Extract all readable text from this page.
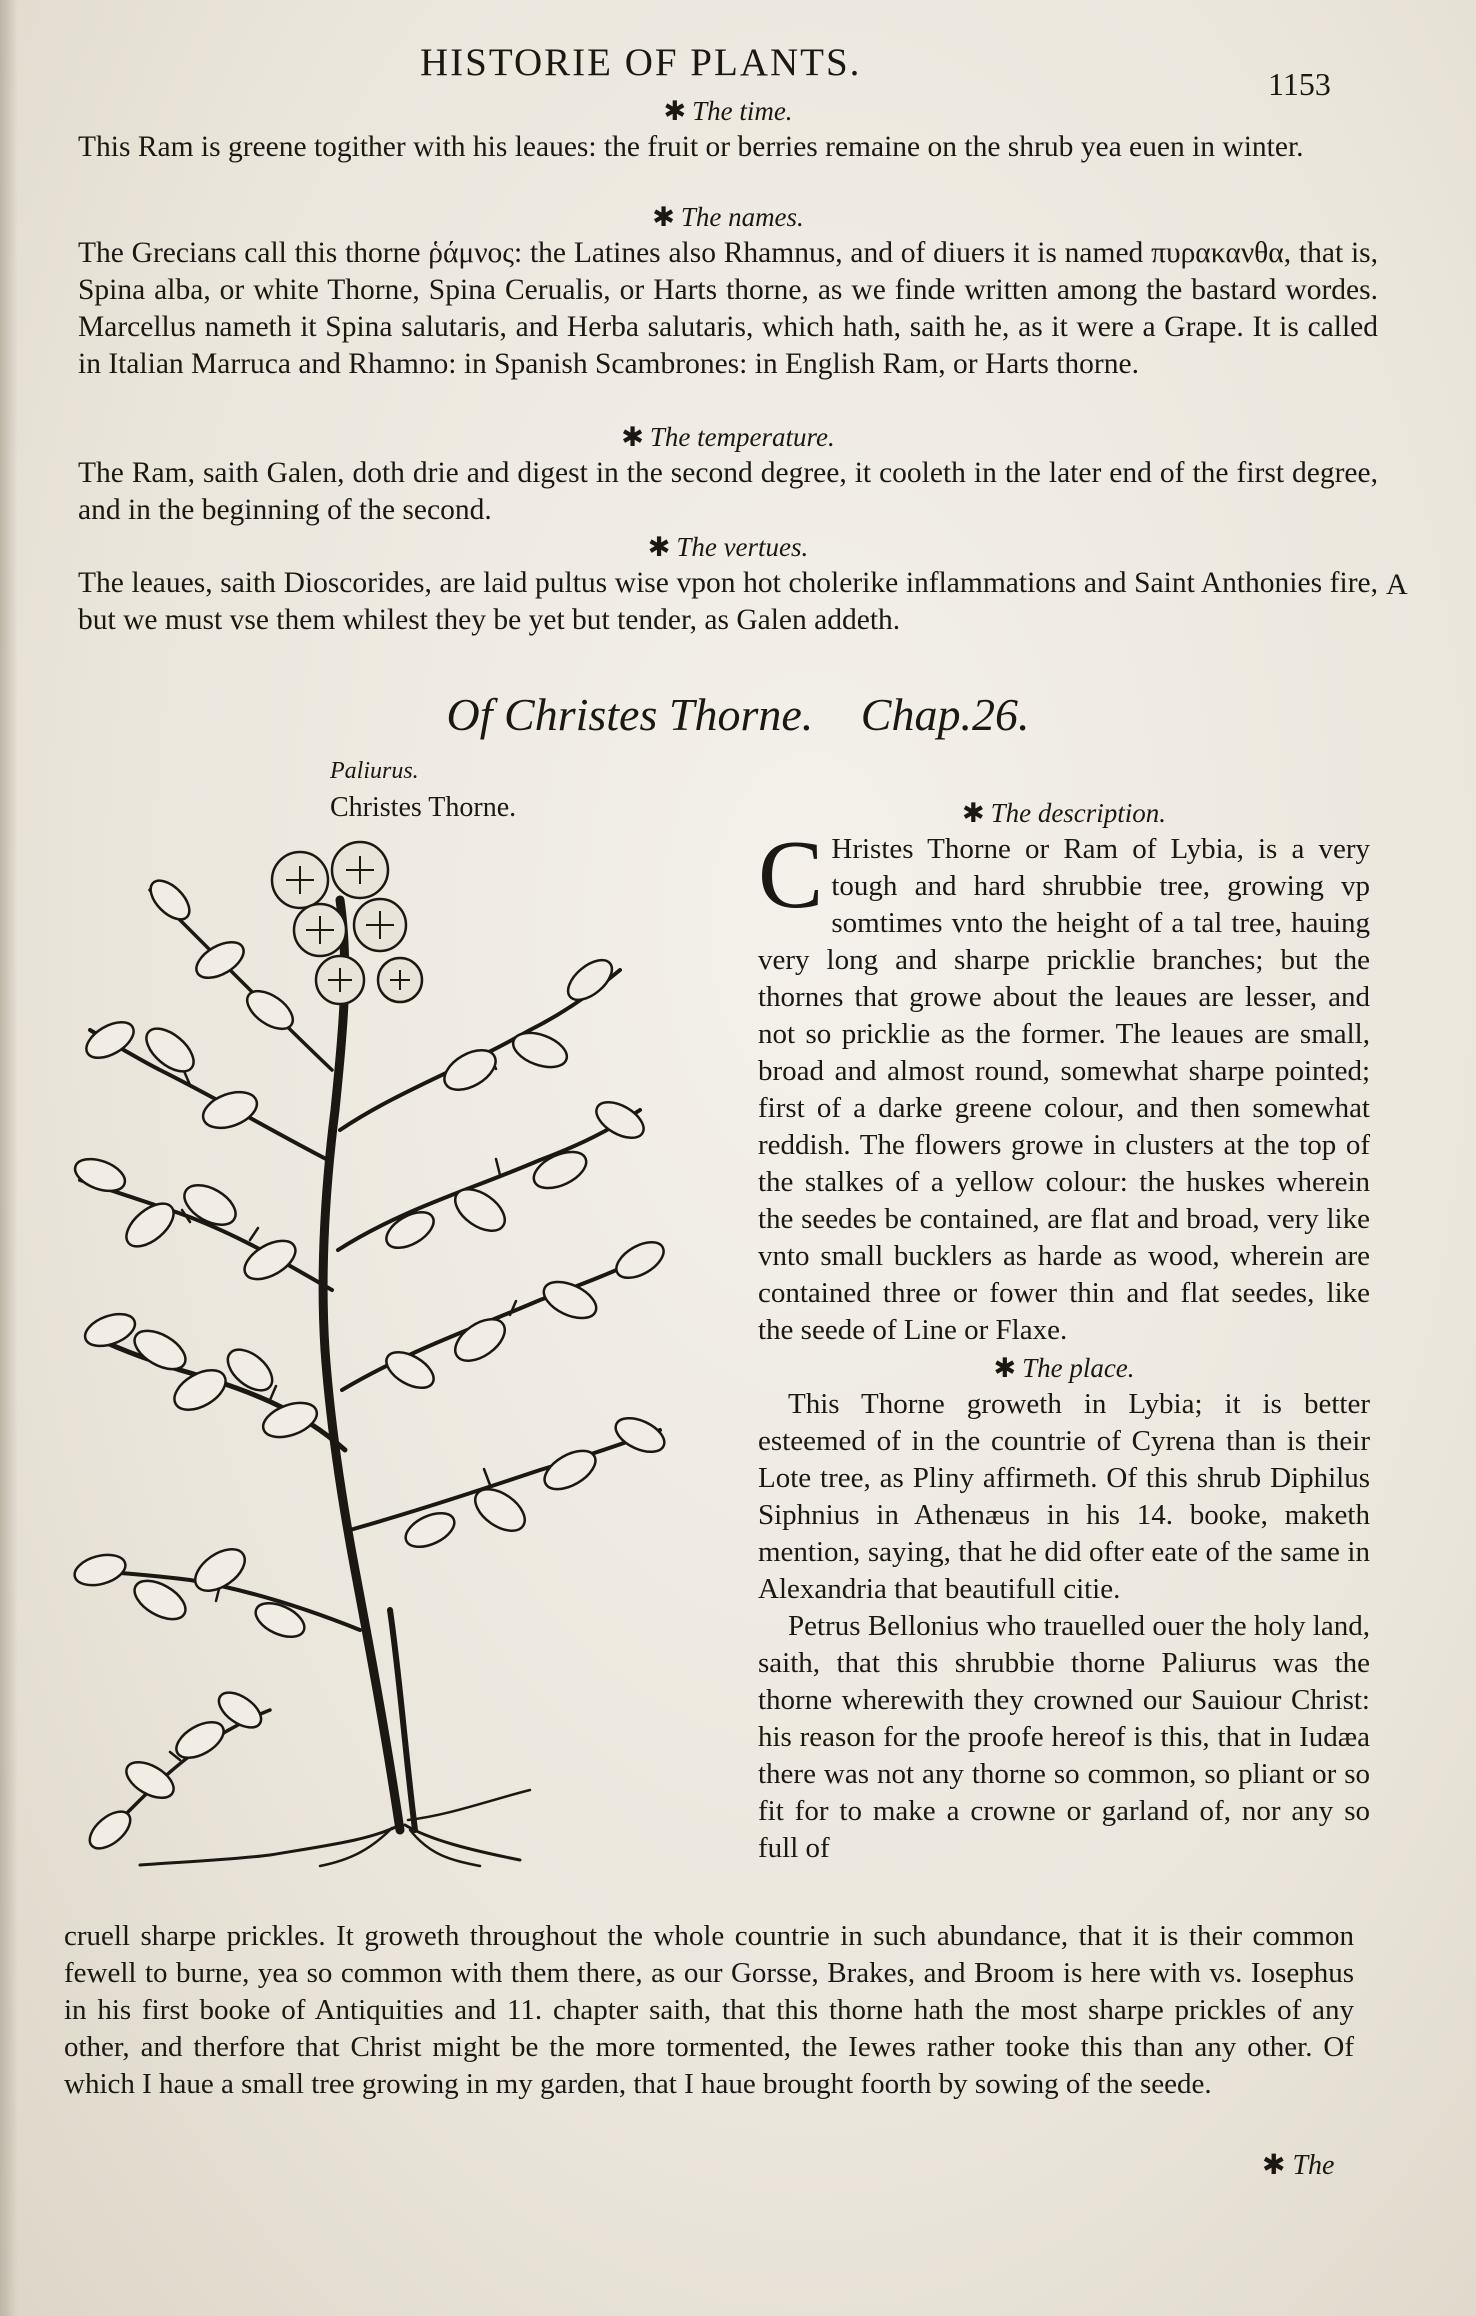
HISTORIE OF PLANTS.	1153
✱ The time.

This Ram is greene togither with his leaues: the fruit or berries remaine on the shrub yea euen in winter.

✱ The names.

The Grecians call this thorne ῥάμνος: the Latines also Rhamnus, and of diuers it is named πυρακανθα, that is, Spina alba, or white Thorne, Spina Cerualis, or Harts thorne, as we finde written among the bastard wordes. Marcellus nameth it Spina salutaris, and Herba salutaris, which hath, saith he, as it were a Grape. It is called in Italian Marruca and Rhamno: in Spanish Scambrones: in English Ram, or Harts thorne.

✱ The temperature.

The Ram, saith Galen, doth drie and digest in the second degree, it cooleth in the later end of the first degree, and in the beginning of the second.

✱ The vertues.

The leaues, saith Dioscorides, are laid pultus wise vpon hot cholerike inflammations and Saint Anthonies fire, but we must vse them whilest they be yet but tender, as Galen addeth.

A
Of Christes Thorne. Chap.26.
Paliurus.
Christes Thorne.	✱ The description.

C Hristes Thorne or Ram of Lybia, is a very tough and hard shrubbie tree, growing vp somtimes vnto the height of a tal tree, hauing very long and sharpe pricklie branches; but the thornes that growe about the leaues are lesser, and not so pricklie as the former. The leaues are small, broad and almost round, somewhat sharpe pointed; first of a darke greene colour, and then somewhat reddish. The flowers growe in clusters at the top of the stalkes of a yellow colour: the huskes wherein the seedes be contained, are flat and broad, very like vnto small bucklers as harde as wood, wherein are contained three or fower thin and flat seedes, like the seede of Line or Flaxe.

✱ The place.

This Thorne groweth in Lybia; it is better esteemed of in the countrie of Cyrena than is their Lote tree, as Pliny affirmeth. Of this shrub Diphilus Siphnius in Athenæus in his 14. booke, maketh mention, saying, that he did ofter eate of the same in Alexandria that beautifull citie.

Petrus Bellonius who trauelled ouer the holy land, saith, that this shrubbie thorne Paliurus was the thorne wherewith they crowned our Sauiour Christ: his reason for the proofe hereof is this, that in Iudæa there was not any thorne so common, so pliant or so fit for to make a crowne or garland of, nor any so full of

cruell sharpe prickles. It groweth throughout the whole countrie in such abundance, that it is their common fewell to burne, yea so common with them there, as our Gorsse, Brakes, and Broom is here with vs. Iosephus in his first booke of Antiquities and 11. chapter saith, that this thorne hath the most sharpe prickles of any other, and therfore that Christ might be the more tormented, the Iewes rather tooke this than any other. Of which I haue a small tree growing in my garden, that I haue brought foorth by sowing of the seede.

✱ The
